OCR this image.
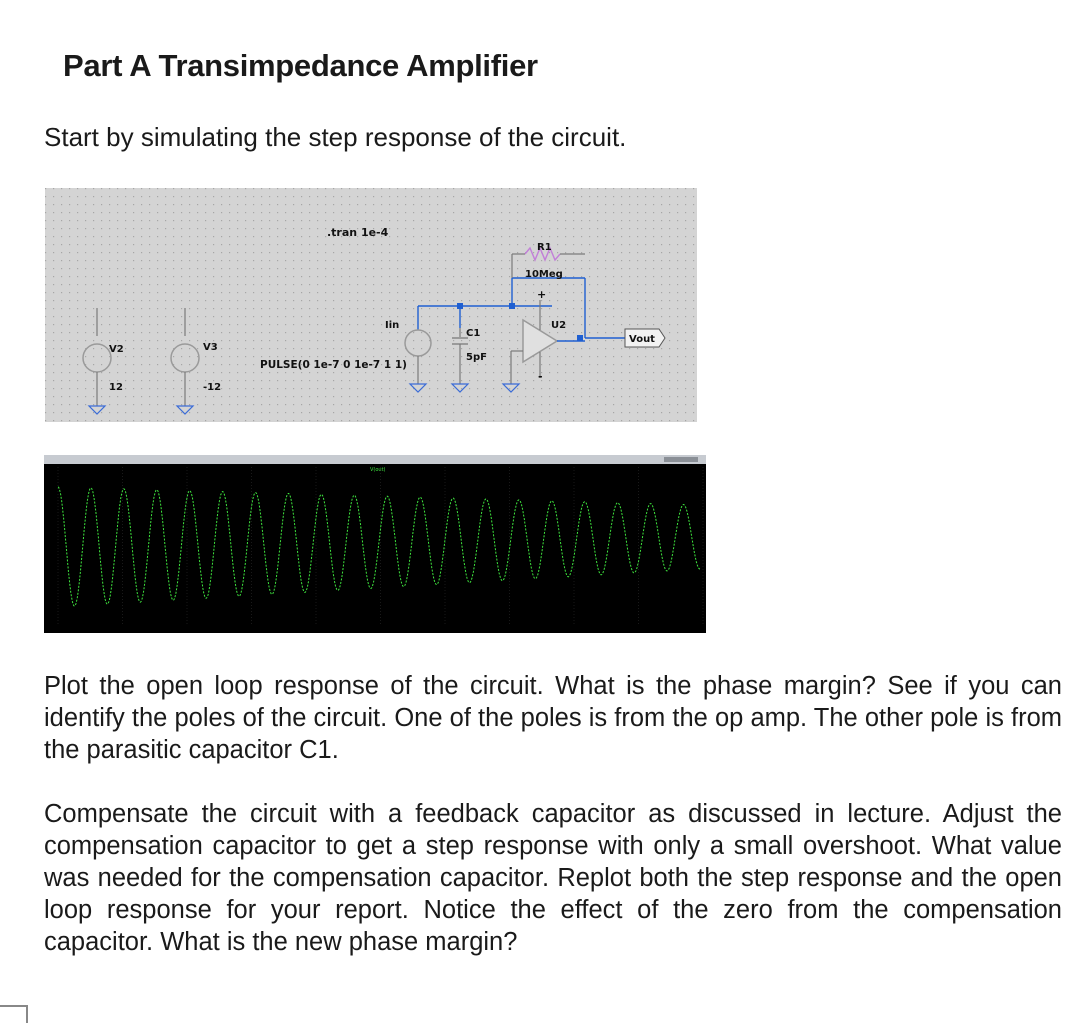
Part A Transimpedance Amplifier
Start by simulating the step response of the circuit.
.tran 1e-4
V2
12
V3
-12
Iin
PULSE(0 1e-7 0 1e-7 1 1)
C1
5pF
R1
10Meg
U2
+
-
Vout
V(out)

Plot the open loop response of the circuit. What is the phase margin? See if you can identify the poles of the circuit. One of the poles is from the op amp. The other pole is from the parasitic capacitor C1.

Compensate the circuit with a feedback capacitor as discussed in lecture. Adjust the compensation capacitor to get a step response with only a small overshoot. What value was needed for the compensation capacitor. Replot both the step response and the open loop response for your report. Notice the effect of the zero from the compensation capacitor. What is the new phase margin?
